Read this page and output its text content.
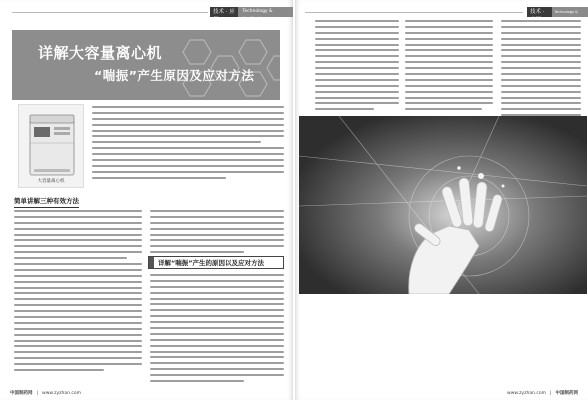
技术 · 应用
Technology & Application
详解大容量离心机
“喘振”产生原因及应对方法
大容量离心机
简单讲解三种有效方法
详解“喘振”产生的原因以及应对方法
中国制药网 | www.zyzhan.com
技术 ·	Technology &
www.zyzhan.com | 中国制药网
